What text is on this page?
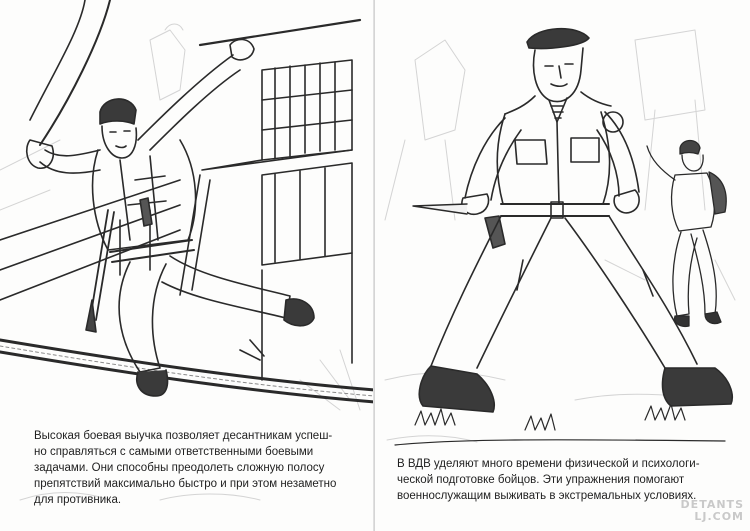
Высокая боевая выучка позволяет десантникам успеш-

но справляться с самыми ответственными боевыми

задачами. Они способны преодолеть сложную полосу

препятствий максимально быстро и при этом незаметно

для противника.

В ВДВ уделяют много времени физической и психологи-

ческой подготовке бойцов. Эти упражнения помогают

военнослужащим выживать в экстремальных условиях.

DETANTS
LJ.COM
